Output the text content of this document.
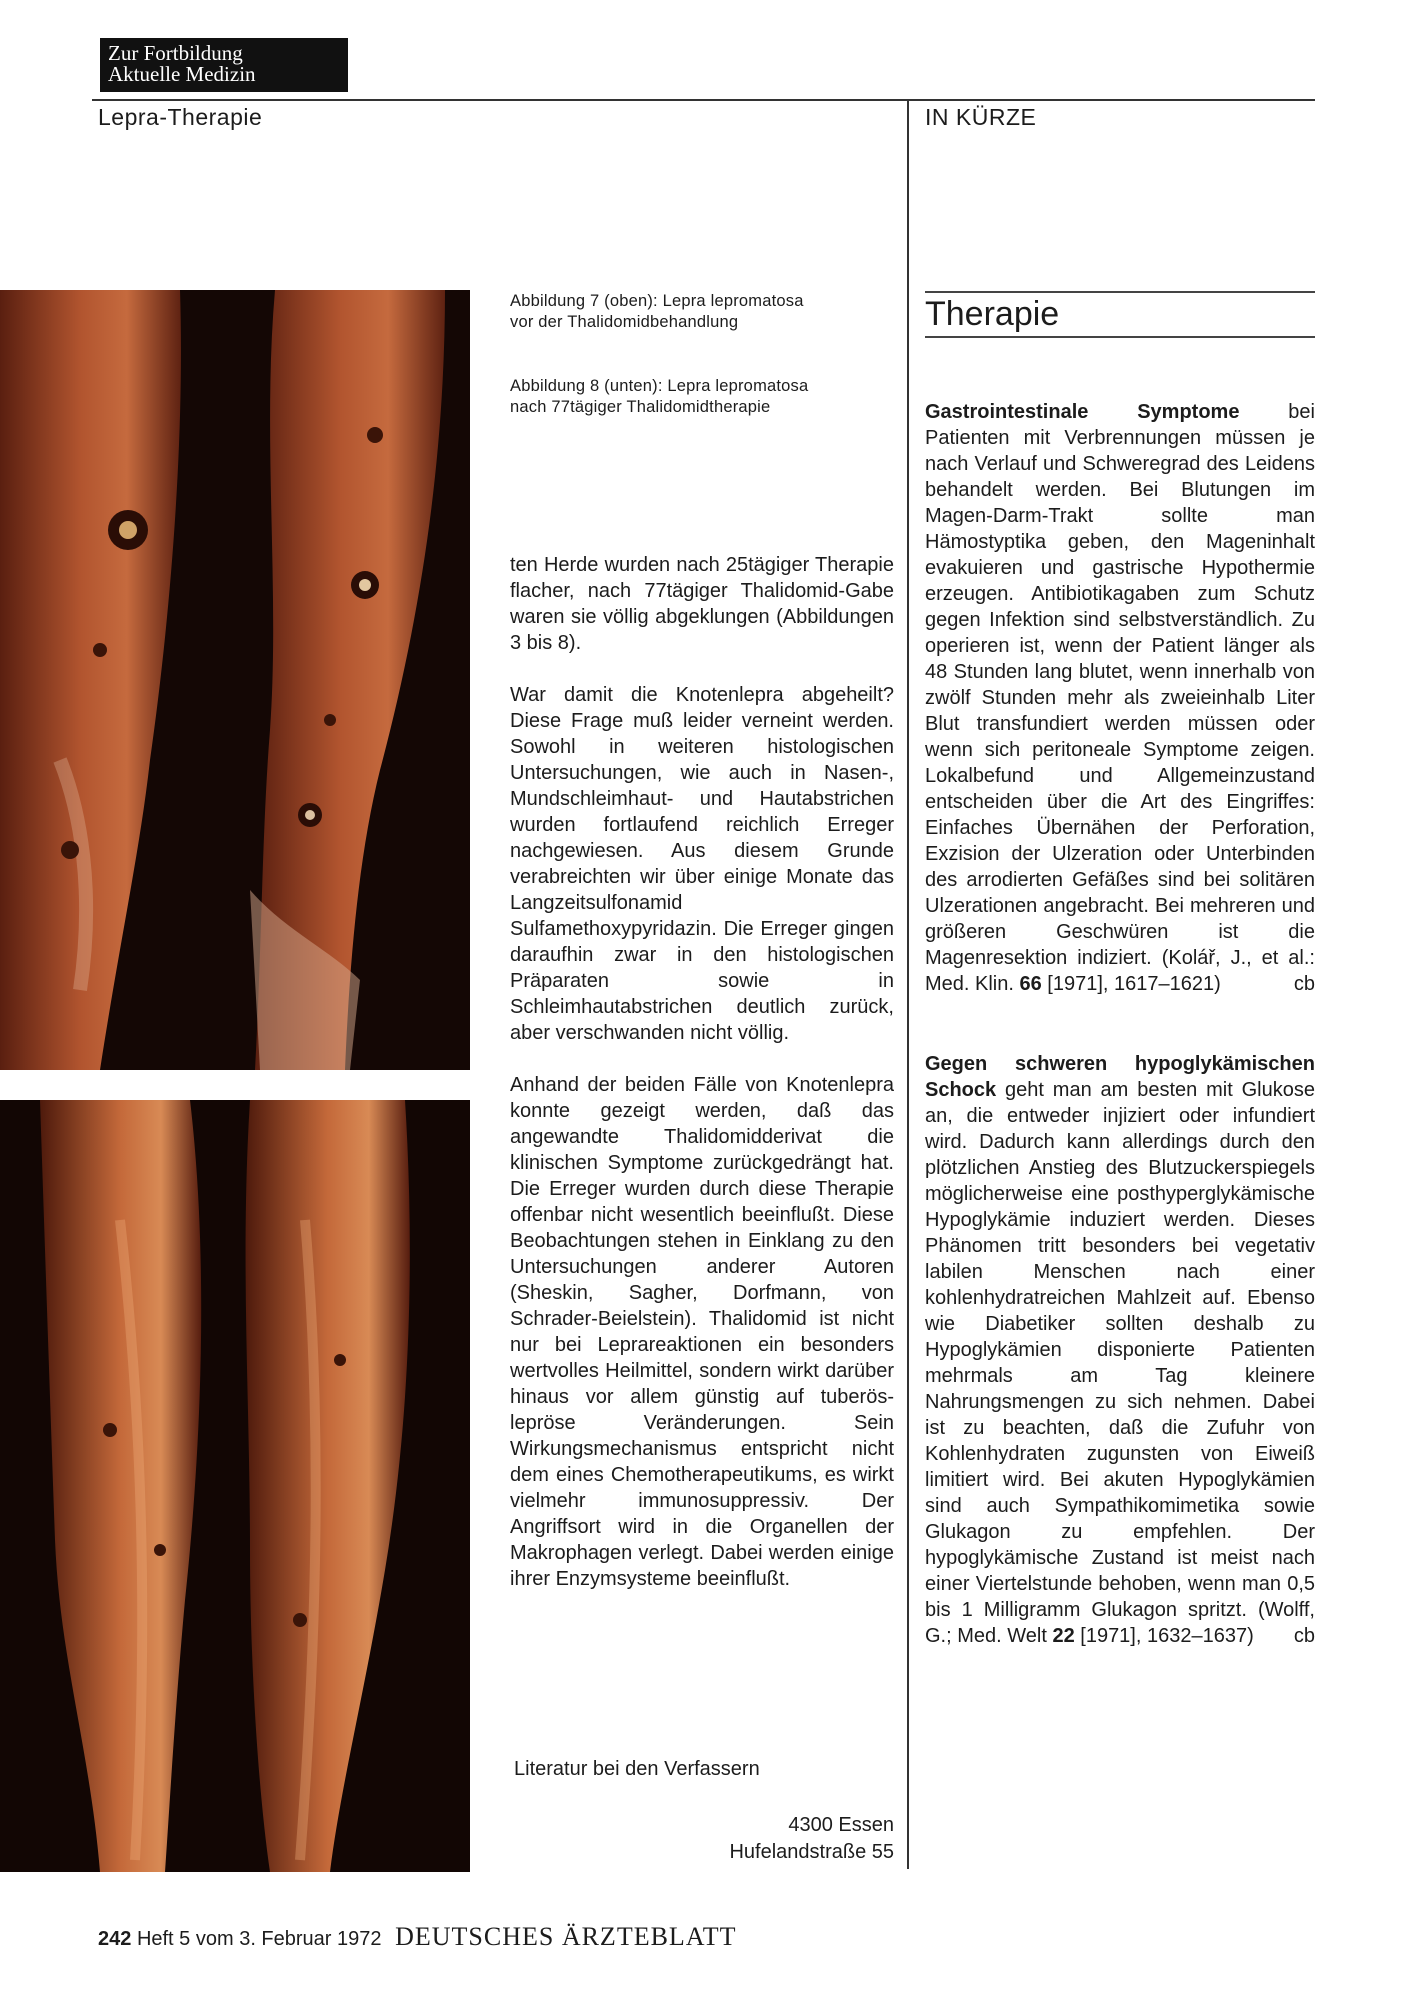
Zur Fortbildung
Aktuelle Medizin
Lepra-Therapie	IN KÜRZE
Abbildung 7 (oben): Lepra lepromatosa
vor der Thalidomidbehandlung
Abbildung 8 (unten): Lepra lepromatosa
nach 77tägiger Thalidomidtherapie

ten Herde wurden nach 25tägiger Therapie flacher, nach 77tägiger Thalidomid-Gabe waren sie völlig abgeklungen (Abbildungen 3 bis 8).

War damit die Knotenlepra abgeheilt? Diese Frage muß leider verneint werden. Sowohl in weiteren histologischen Untersuchungen, wie auch in Nasen-, Mundschleimhaut- und Hautabstrichen wurden fortlaufend reichlich Erreger nachgewiesen. Aus diesem Grunde verabreichten wir über einige Monate das Langzeitsulfonamid Sulfamethoxypyridazin. Die Erreger gingen daraufhin zwar in den histologischen Präparaten sowie in Schleimhautabstrichen deutlich zurück, aber verschwanden nicht völlig.

Anhand der beiden Fälle von Knotenlepra konnte gezeigt werden, daß das angewandte Thalidomidderivat die klinischen Symptome zurückgedrängt hat. Die Erreger wurden durch diese Therapie offenbar nicht wesentlich beeinflußt. Diese Beobachtungen stehen in Einklang zu den Untersuchungen anderer Autoren (Sheskin, Sagher, Dorfmann, von Schrader-Beielstein). Thalidomid ist nicht nur bei Leprareaktionen ein besonders wertvolles Heilmittel, sondern wirkt darüber hinaus vor allem günstig auf tuberös-lepröse Veränderungen. Sein Wirkungsmechanismus entspricht nicht dem eines Chemotherapeutikums, es wirkt vielmehr immunosuppressiv. Der Angriffsort wird in die Organellen der Makrophagen verlegt. Dabei werden einige ihrer Enzymsysteme beeinflußt.

Literatur bei den Verfassern
4300 Essen
Hufelandstraße 55
Therapie

Gastrointestinale Symptome bei Patienten mit Verbrennungen müssen je nach Verlauf und Schweregrad des Leidens behandelt werden. Bei Blutungen im Magen-Darm-Trakt sollte man Hämostyptika geben, den Mageninhalt evakuieren und gastrische Hypothermie erzeugen. Antibiotikagaben zum Schutz gegen Infektion sind selbstverständlich. Zu operieren ist, wenn der Patient länger als 48 Stunden lang blutet, wenn innerhalb von zwölf Stunden mehr als zweieinhalb Liter Blut transfundiert werden müssen oder wenn sich peritoneale Symptome zeigen. Lokalbefund und Allgemeinzustand entscheiden über die Art des Eingriffes: Einfaches Übernähen der Perforation, Exzision der Ulzeration oder Unterbinden des arrodierten Gefäßes sind bei solitären Ulzerationen angebracht. Bei mehreren und größeren Geschwüren ist die Magenresektion indiziert. (Kolář, J., et al.: Med. Klin. 66 [1971], 1617–1621)	cb

Gegen schweren hypoglykämischen Schock geht man am besten mit Glukose an, die entweder injiziert oder infundiert wird. Dadurch kann allerdings durch den plötzlichen Anstieg des Blutzuckerspiegels möglicherweise eine posthyperglykämische Hypoglykämie induziert werden. Dieses Phänomen tritt besonders bei vegetativ labilen Menschen nach einer kohlenhydratreichen Mahlzeit auf. Ebenso wie Diabetiker sollten deshalb zu Hypoglykämien disponierte Patienten mehrmals am Tag kleinere Nahrungsmengen zu sich nehmen. Dabei ist zu beachten, daß die Zufuhr von Kohlenhydraten zugunsten von Eiweiß limitiert wird. Bei akuten Hypoglykämien sind auch Sympathikomimetika sowie Glukagon zu empfehlen. Der hypoglykämische Zustand ist meist nach einer Viertelstunde behoben, wenn man 0,5 bis 1 Milligramm Glukagon spritzt. (Wolff, G.; Med. Welt 22 [1971], 1632–1637) cb

242 Heft 5 vom 3. Februar 1972 DEUTSCHES ÄRZTEBLATT
